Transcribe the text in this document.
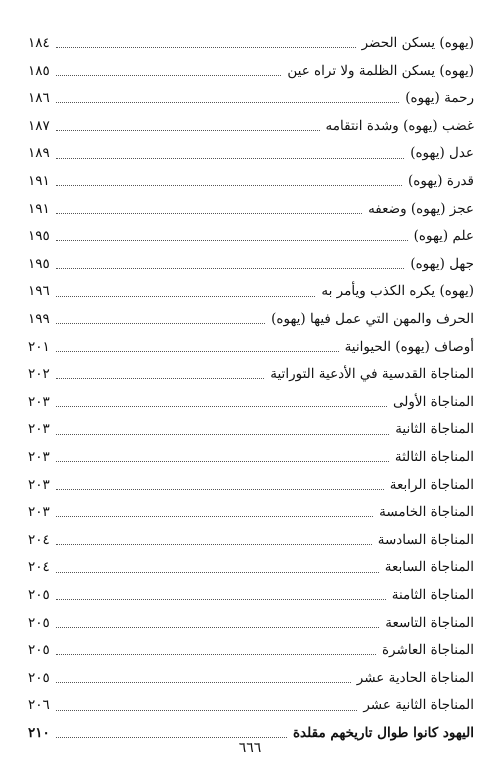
(يهوه) يسكن الحضر
١٨٤
(يهوه) يسكن الظلمة ولا تراه عين
١٨٥
رحمة (يهوه)
١٨٦
غضب (يهوه) وشدة انتقامه
١٨٧
عدل (يهوه)
١٨٩
قدرة (يهوه)
١٩١
عجز (يهوه) وضعفه
١٩١
علم (يهوه)
١٩٥
جهل (يهوه)
١٩٥
(يهوه) يكره الكذب ويأمر به
١٩٦
الحرف والمهن التي عمل فيها (يهوه)
١٩٩
أوصاف (يهوه) الحيوانية
٢٠١
المناجاة القدسية في الأدعية التوراتية
٢٠٢
المناجاة الأولى
٢٠٣
المناجاة الثانية
٢٠٣
المناجاة الثالثة
٢٠٣
المناجاة الرابعة
٢٠٣
المناجاة الخامسة
٢٠٣
المناجاة السادسة
٢٠٤
المناجاة السابعة
٢٠٤
المناجاة الثامنة
٢٠٥
المناجاة التاسعة
٢٠٥
المناجاة العاشرة
٢٠٥
المناجاة الحادية عشر
٢٠٥
المناجاة الثانية عشر
٢٠٦
اليهود كانوا طوال تاريخهم مقلدة
٢١٠
٦٦٦
